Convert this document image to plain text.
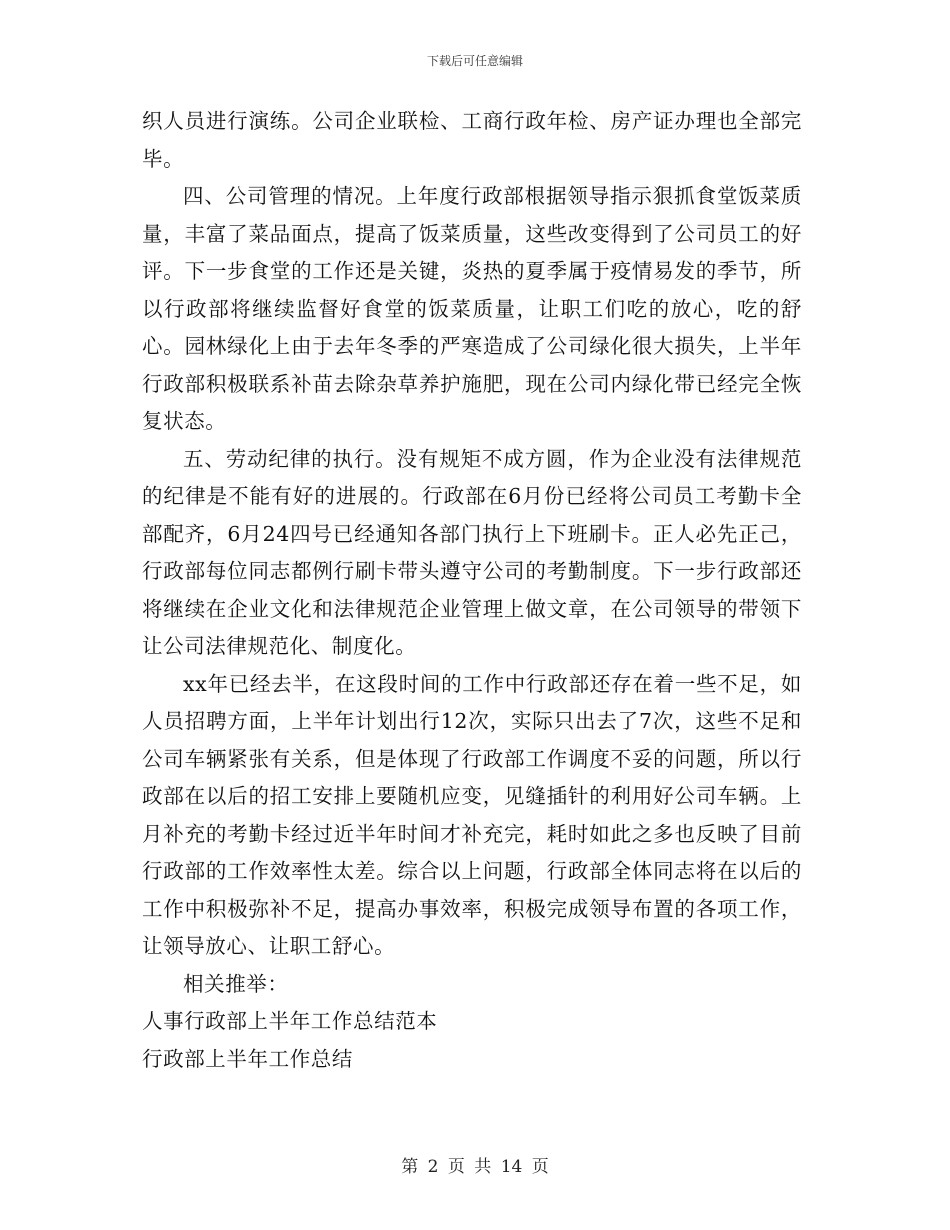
下载后可任意编辑

织人员进行演练。公司企业联检、工商行政年检、房产证办理也全部完毕。

四、公司管理的情况。上年度行政部根据领导指示狠抓食堂饭菜质量，丰富了菜品面点，提高了饭菜质量，这些改变得到了公司员工的好评。下一步食堂的工作还是关键，炎热的夏季属于疫情易发的季节，所以行政部将继续监督好食堂的饭菜质量，让职工们吃的放心，吃的舒心。园林绿化上由于去年冬季的严寒造成了公司绿化很大损失，上半年行政部积极联系补苗去除杂草养护施肥，现在公司内绿化带已经完全恢复状态。

五、劳动纪律的执行。没有规矩不成方圆，作为企业没有法律规范的纪律是不能有好的进展的。行政部在6月份已经将公司员工考勤卡全部配齐，6月24四号已经通知各部门执行上下班刷卡。正人必先正己，行政部每位同志都例行刷卡带头遵守公司的考勤制度。下一步行政部还将继续在企业文化和法律规范企业管理上做文章，在公司领导的带领下让公司法律规范化、制度化。

xx年已经去半，在这段时间的工作中行政部还存在着一些不足，如人员招聘方面，上半年计划出行12次，实际只出去了7次，这些不足和公司车辆紧张有关系，但是体现了行政部工作调度不妥的问题，所以行政部在以后的招工安排上要随机应变，见缝插针的利用好公司车辆。上月补充的考勤卡经过近半年时间才补充完，耗时如此之多也反映了目前行政部的工作效率性太差。综合以上问题，行政部全体同志将在以后的工作中积极弥补不足，提高办事效率，积极完成领导布置的各项工作，让领导放心、让职工舒心。

相关推举：

人事行政部上半年工作总结范本

行政部上半年工作总结

第 2 页 共 14 页
